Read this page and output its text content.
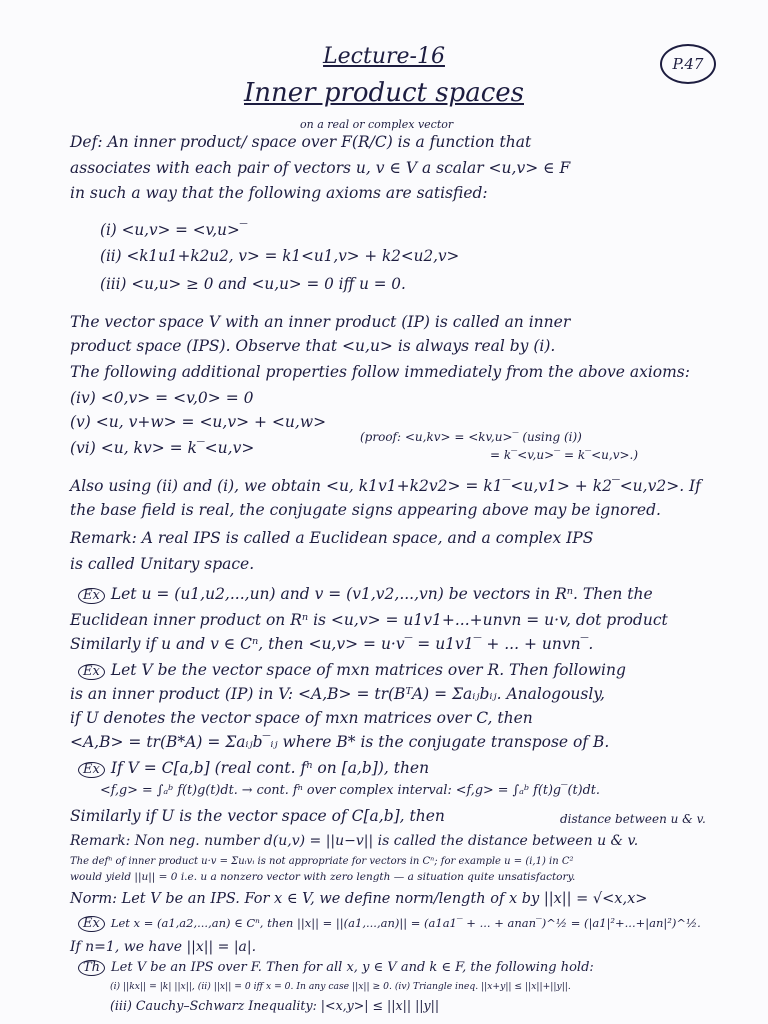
Lecture-16	P.47
Inner product spaces
on a real or complex vector
Def: An inner product/ space over F(R/C) is a function that
associates with each pair of vectors u, v ∈ V a scalar <u,v> ∈ F
in such a way that the following axioms are satisfied:
(i) <u,v> = <v,u>‾
(ii) <k1u1+k2u2, v> = k1<u1,v> + k2<u2,v>
(iii) <u,u> ≥ 0 and <u,u> = 0 iff u = 0.
The vector space V with an inner product (IP) is called an inner
product space (IPS). Observe that <u,u> is always real by (i).
The following additional properties follow immediately from the above axioms:
(iv) <0,v> = <v,0> = 0
(v) <u, v+w> = <u,v> + <u,w>
(vi) <u, kv> = k‾<u,v>
(proof: <u,kv> = <kv,u>‾ (using (i))
= k‾<v,u>‾ = k‾<u,v>.)
Also using (ii) and (i), we obtain <u, k1v1+k2v2> = k1‾<u,v1> + k2‾<u,v2>. If
the base field is real, the conjugate signs appearing above may be ignored.
Remark: A real IPS is called a Euclidean space, and a complex IPS
is called Unitary space.
Ex Let u = (u1,u2,...,un) and v = (v1,v2,...,vn) be vectors in Rⁿ. Then the
Euclidean inner product on Rⁿ is <u,v> = u1v1+...+unvn = u·v, dot product
Similarly if u and v ∈ Cⁿ, then <u,v> = u·v‾ = u1v1‾ + ... + unvn‾.
Ex Let V be the vector space of mxn matrices over R. Then following
is an inner product (IP) in V: <A,B> = tr(BᵀA) = Σaᵢⱼbᵢⱼ. Analogously,
if U denotes the vector space of mxn matrices over C, then
<A,B> = tr(B*A) = Σaᵢⱼb‾ᵢⱼ where B* is the conjugate transpose of B.
Ex If V = C[a,b] (real cont. fⁿ on [a,b]), then
<f,g> = ∫ₐᵇ f(t)g(t)dt. → cont. fⁿ over complex interval: <f,g> = ∫ₐᵇ f(t)g‾(t)dt.
Similarly if U is the vector space of C[a,b], then	distance between u & v.
Remark: Non neg. number d(u,v) = ||u−v|| is called the distance between u & v.
The defⁿ of inner product u·v = Σuᵢvᵢ is not appropriate for vectors in Cⁿ; for example u = (i,1) in C²
would yield ||u|| = 0 i.e. u a nonzero vector with zero length — a situation quite unsatisfactory.
Norm: Let V be an IPS. For x ∈ V, we define norm/length of x by ||x|| = √<x,x>
Ex Let x = (a1,a2,...,an) ∈ Cⁿ, then ||x|| = ||(a1,...,an)|| = (a1a1‾ + ... + anan‾)^½ = (|a1|²+...+|an|²)^½.
If n=1, we have ||x|| = |a|.
Th Let V be an IPS over F. Then for all x, y ∈ V and k ∈ F, the following hold:
(i) ||kx|| = |k| ||x||, (ii) ||x|| = 0 iff x = 0. In any case ||x|| ≥ 0. (iv) Triangle ineq. ||x+y|| ≤ ||x||+||y||.
(iii) Cauchy–Schwarz Inequality: |<x,y>| ≤ ||x|| ||y||
